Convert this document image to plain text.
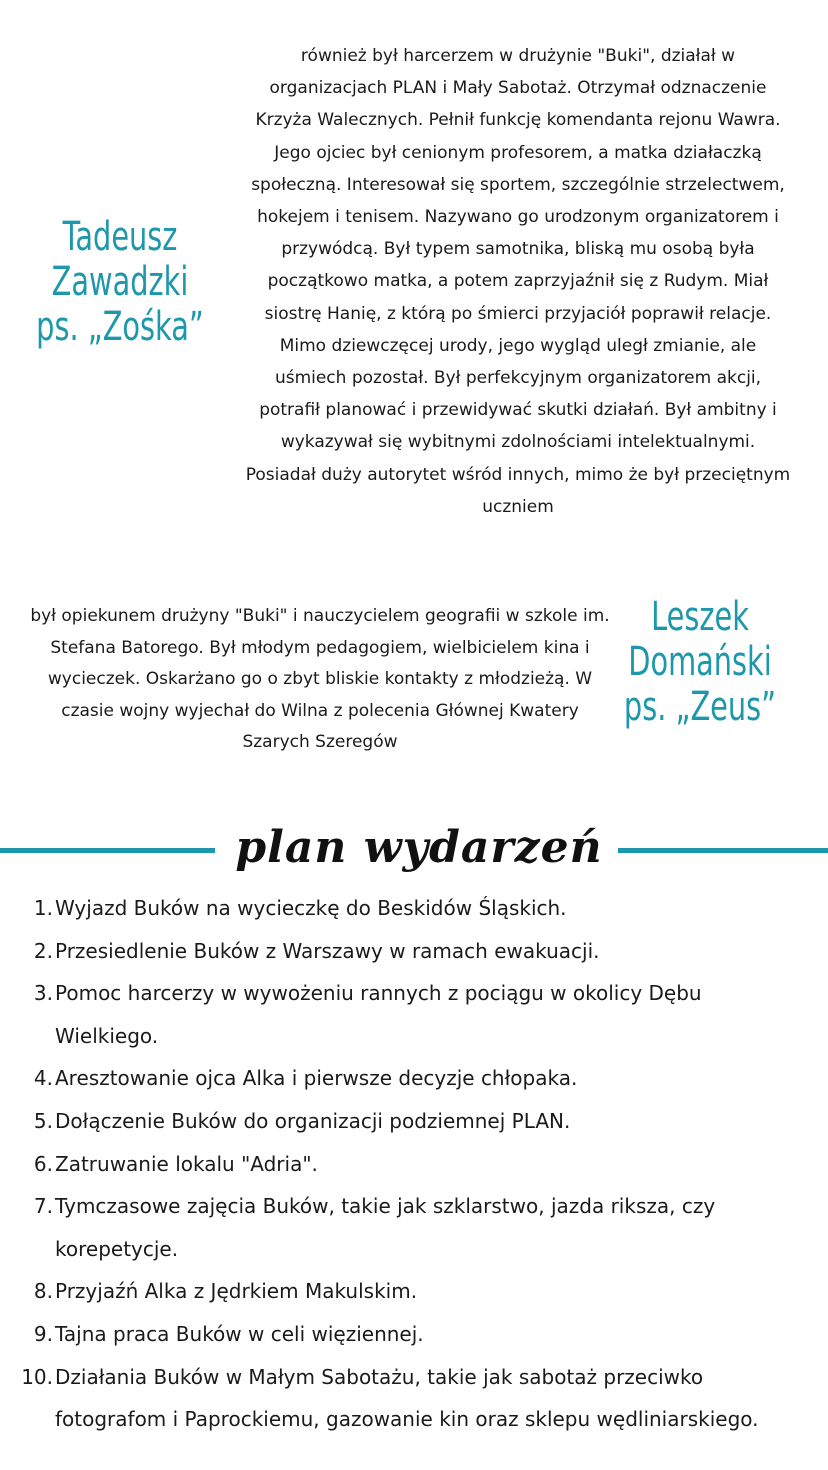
Tadeusz
Zawadzki
ps. „Zośka”

również był harcerzem w drużynie "Buki", działał w organizacjach PLAN i Mały Sabotaż. Otrzymał odznaczenie Krzyża Walecznych. Pełnił funkcję komendanta rejonu Wawra. Jego ojciec był cenionym profesorem, a matka działaczką społeczną. Interesował się sportem, szczególnie strzelectwem, hokejem i tenisem. Nazywano go urodzonym organizatorem i przywódcą. Był typem samotnika, bliską mu osobą była początkowo matka, a potem zaprzyjaźnił się z Rudym. Miał siostrę Hanię, z którą po śmierci przyjaciół poprawił relacje. Mimo dziewczęcej urody, jego wygląd uległ zmianie, ale uśmiech pozostał. Był perfekcyjnym organizatorem akcji, potrafił planować i przewidywać skutki działań. Był ambitny i wykazywał się wybitnymi zdolnościami intelektualnymi. Posiadał duży autorytet wśród innych, mimo że był przeciętnym uczniem

był opiekunem drużyny "Buki" i nauczycielem geografii w szkole im. Stefana Batorego. Był młodym pedagogiem, wielbicielem kina i wycieczek. Oskarżano go o zbyt bliskie kontakty z młodzieżą. W czasie wojny wyjechał do Wilna z polecenia Głównej Kwatery Szarych Szeregów

Leszek
Domański
ps. „Zeus”
plan wydarzeń
1. Wyjazd Buków na wycieczkę do Beskidów Śląskich.
2. Przesiedlenie Buków z Warszawy w ramach ewakuacji.
3. Pomoc harcerzy w wywożeniu rannych z pociągu w okolicy Dębu Wielkiego.
4. Aresztowanie ojca Alka i pierwsze decyzje chłopaka.
5. Dołączenie Buków do organizacji podziemnej PLAN.
6. Zatruwanie lokalu "Adria".
7. Tymczasowe zajęcia Buków, takie jak szklarstwo, jazda riksza, czy korepetycje.
8. Przyjaźń Alka z Jędrkiem Makulskim.
9. Tajna praca Buków w celi więziennej.
10. Działania Buków w Małym Sabotażu, takie jak sabotaż przeciwko fotografom i Paprockiemu, gazowanie kin oraz sklepu wędliniarskiego.
